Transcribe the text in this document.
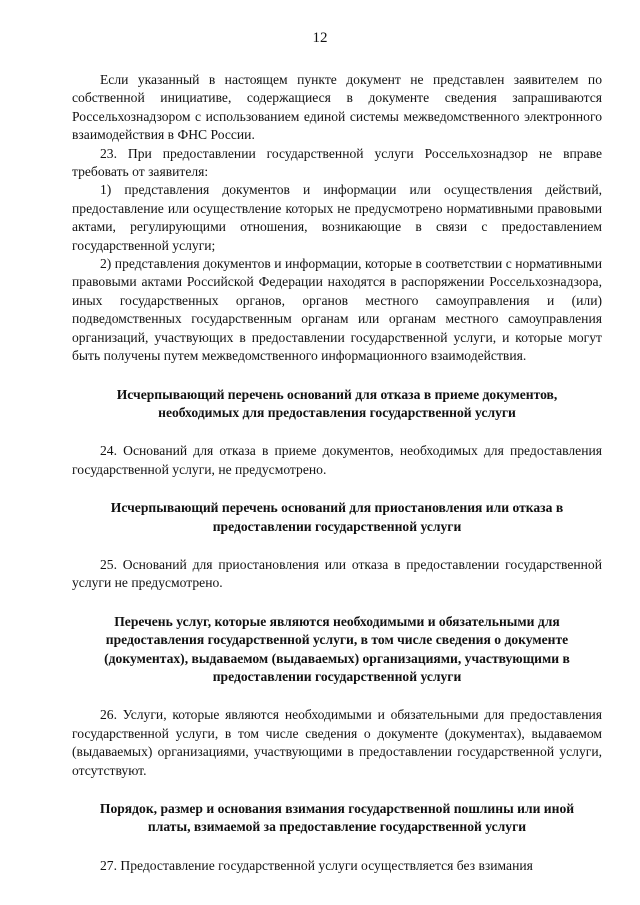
12

Если указанный в настоящем пункте документ не представлен заявителем по собственной инициативе, содержащиеся в документе сведения запрашиваются Россельхознадзором с использованием единой системы межведомственного электронного взаимодействия в ФНС России.

23. При предоставлении государственной услуги Россельхознадзор не вправе требовать от заявителя:

1) представления документов и информации или осуществления действий, предоставление или осуществление которых не предусмотрено нормативными правовыми актами, регулирующими отношения, возникающие в связи с предоставлением государственной услуги;

2) представления документов и информации, которые в соответствии с нормативными правовыми актами Российской Федерации находятся в распоряжении Россельхознадзора, иных государственных органов, органов местного самоуправления и (или) подведомственных государственным органам или органам местного самоуправления организаций, участвующих в предоставлении государственной услуги, и которые могут быть получены путем межведомственного информационного взаимодействия.

Исчерпывающий перечень оснований для отказа в приеме документов, необходимых для предоставления государственной услуги

24. Оснований для отказа в приеме документов, необходимых для предоставления государственной услуги, не предусмотрено.

Исчерпывающий перечень оснований для приостановления или отказа в предоставлении государственной услуги

25. Оснований для приостановления или отказа в предоставлении государственной услуги не предусмотрено.

Перечень услуг, которые являются необходимыми и обязательными для предоставления государственной услуги, в том числе сведения о документе (документах), выдаваемом (выдаваемых) организациями, участвующими в предоставлении государственной услуги

26. Услуги, которые являются необходимыми и обязательными для предоставления государственной услуги, в том числе сведения о документе (документах), выдаваемом (выдаваемых) организациями, участвующими в предоставлении государственной услуги, отсутствуют.

Порядок, размер и основания взимания государственной пошлины или иной платы, взимаемой за предоставление государственной услуги

27. Предоставление государственной услуги осуществляется без взимания
